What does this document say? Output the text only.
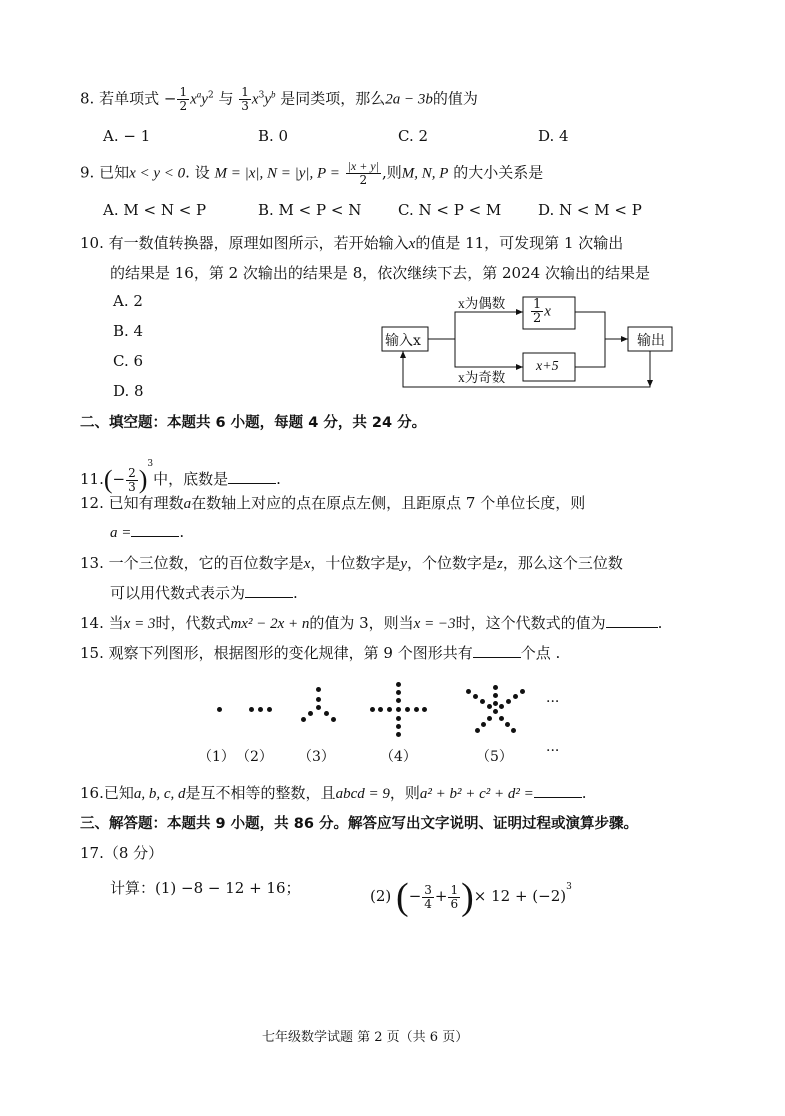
8. 若单项式 − $\frac{1}{2} x^ay^2$ 与 $\frac{1}{3} x^3y^b$ 是同类项，那么2a − 3b的值为
A. − 1	B. 0	C. 2	D. 4
9. 已知x < y < 0. 设 M = |x|, N = |y|, $P = \frac{|x + y|}{2}$ ,则M, N, P 的大小关系是
A. M < N < P	B. M < P < N C. N < P < M D. N < M < P
10. 有一数值转换器，原理如图所示，若开始输入x的值是 11，可发现第 1 次输出
的结果是 16，第 2 次输出的结果是 8，依次继续下去，第 2024 次输出的结果是
A. 2
B. 4
C. 6
D. 8
输入x
x为偶数
x为奇数
$\frac{1}{2}$ x
x+5
输出
二、填空题：本题共 6 小题，每题 4 分，共 24 分。
$11.(- \frac{2}{3} )^3$中，底数是	.
12. 已知有理数a在数轴上对应的点在原点左侧，且距原点 7 个单位长度，则
a =	.
13. 一个三位数，它的百位数字是x，十位数字是y，个位数字是z，那么这个三位数
可以用代数式表示为	.
14. 当x = 3时，代数式mx² − 2x + n的值为 3，则当x = −3时，这个代数式的值为	.
15. 观察下列图形，根据图形的变化规律，第 9 个图形共有	个点 .
···
（1） （2） （3）	（4）	（5） ···
16.已知a, b, c, d是互不相等的整数，且abcd = 9，则a² + b² + c² + d² =	.
三、解答题：本题共 9 小题，共 86 分。解答应写出文字说明、证明过程或演算步骤。
17.（8 分）
计算：(1) −8 − 12 + 16；	(2) (− $\frac{3}{4} + \frac{1}{6}$ )× $12 + (-2)^3$
七年级数学试题 第 2 页（共 6 页）
